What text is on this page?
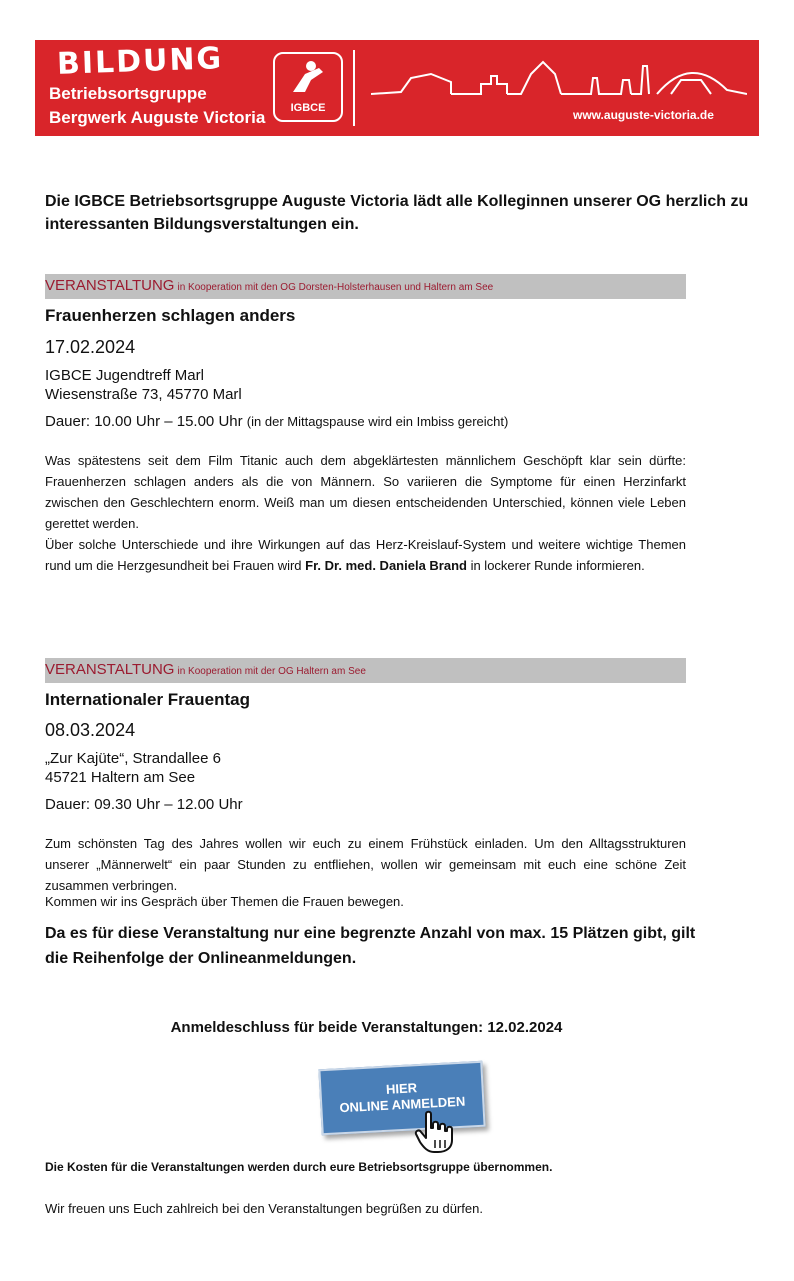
BILDUNG
Betriebsortsgruppe
Bergwerk Auguste Victoria	IGBCE	www.auguste-victoria.de
Die IGBCE Betriebsortsgruppe Auguste Victoria lädt alle Kolleginnen unserer OG herzlich zu interessanten Bildungsverstaltungen ein.
VERANSTALTUNG in Kooperation mit den OG Dorsten-Holsterhausen und Haltern am See
Frauenherzen schlagen anders
17.02.2024
IGBCE Jugendtreff Marl
Wiesenstraße 73, 45770 Marl
Dauer: 10.00 Uhr – 15.00 Uhr (in der Mittagspause wird ein Imbiss gereicht)
Was spätestens seit dem Film Titanic auch dem abgeklärtesten männlichem Geschöpft klar sein dürfte: Frauenherzen schlagen anders als die von Männern. So variieren die Symptome für einen Herzinfarkt zwischen den Geschlechtern enorm. Weiß man um diesen entscheidenden Unterschied, können viele Leben gerettet werden.
Über solche Unterschiede und ihre Wirkungen auf das Herz-Kreislauf-System und weitere wichtige Themen rund um die Herzgesundheit bei Frauen wird Fr. Dr. med. Daniela Brand in lockerer Runde informieren.
VERANSTALTUNG in Kooperation mit der OG Haltern am See
Internationaler Frauentag
08.03.2024
„Zur Kajüte“, Strandallee 6
45721 Haltern am See
Dauer: 09.30 Uhr – 12.00 Uhr
Zum schönsten Tag des Jahres wollen wir euch zu einem Frühstück einladen. Um den Alltagsstrukturen unserer „Männerwelt“ ein paar Stunden zu entfliehen, wollen wir gemeinsam mit euch eine schöne Zeit zusammen verbringen.
Kommen wir ins Gespräch über Themen die Frauen bewegen.
Da es für diese Veranstaltung nur eine begrenzte Anzahl von max. 15 Plätzen gibt, gilt die Reihenfolge der Onlineanmeldungen.
Anmeldeschluss für beide Veranstaltungen: 12.02.2024
HIER
ONLINE ANMELDEN
Die Kosten für die Veranstaltungen werden durch eure Betriebsortsgruppe übernommen.
Wir freuen uns Euch zahlreich bei den Veranstaltungen begrüßen zu dürfen.
